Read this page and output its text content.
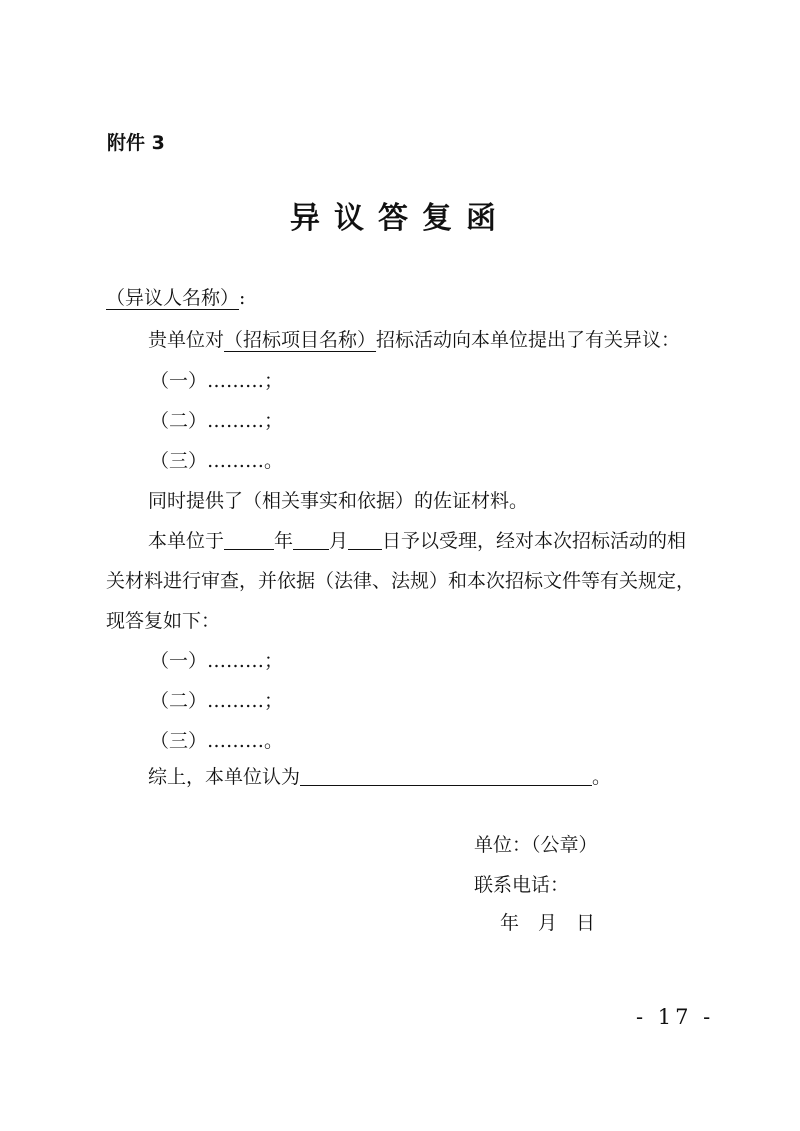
附件 3
异议答复函
（异议人名称）:
贵单位对（招标项目名称）招标活动向本单位提出了有关异议：
（一）………；
（二）………；
（三）………。
同时提供了（相关事实和依据）的佐证材料。
本单位于	年 月 日予以受理，经对本次招标活动的相
关材料进行审查，并依据（法律、法规）和本次招标文件等有关规定，
现答复如下：
（一）………；
（二）………；
（三）………。
综上，本单位认为	。
单位：（公章）
联系电话：
年　月　日
- 17 -
